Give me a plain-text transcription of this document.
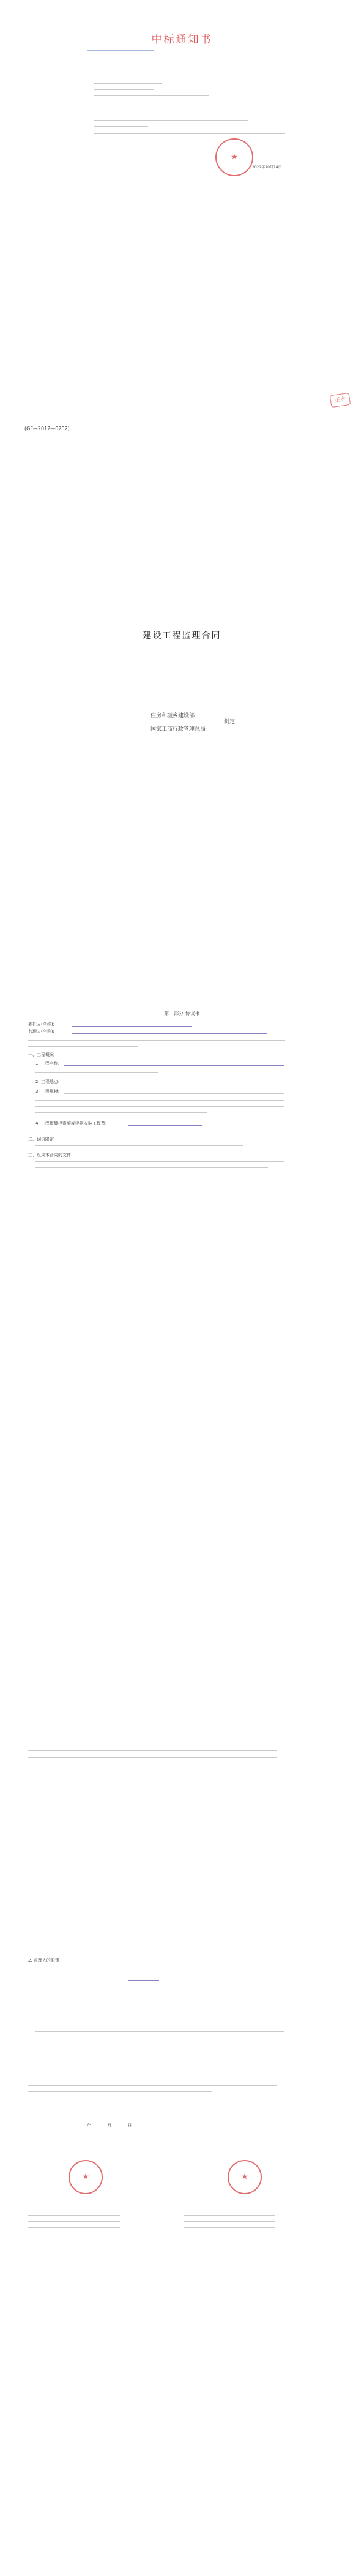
中标通知书
★
2022年10月14日
正本
(GF—2012—0202)
建设工程监理合同
住房和城乡建设部
制定
国家工商行政管理总局
第一部分 协议书
委托人(全称):
监理人(全称):
一、工程概况
1. 工程名称:
2. 工程地点:
3. 工程规模:
4. 工程概算投资额或建筑安装工程费:
二、词语限定
三、组成本合同的文件
2. 监理人的职责
年	月	日
★	★
